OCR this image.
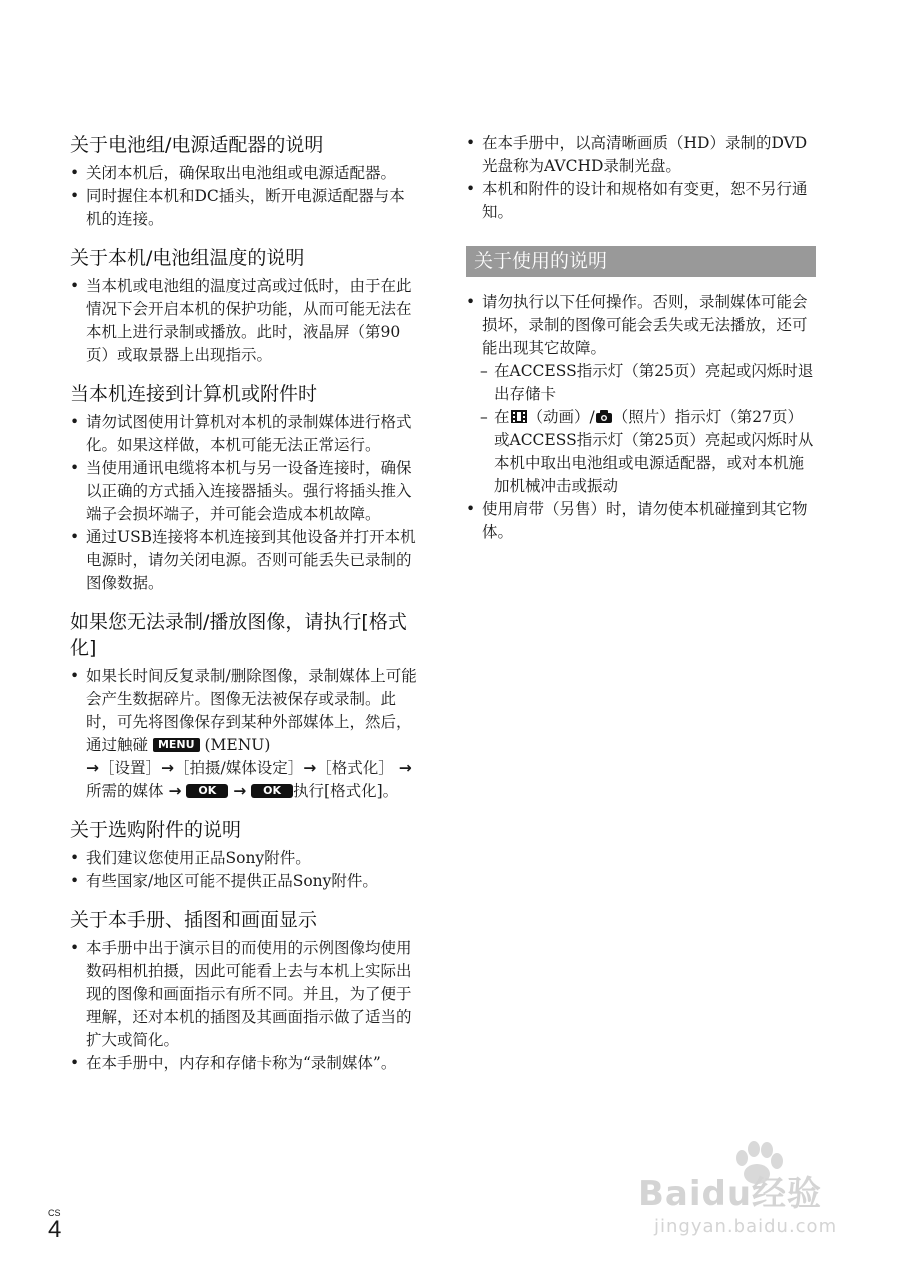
关于电池组/电源适配器的说明
• 关闭本机后，确保取出电池组或电源适配器。
• 同时握住本机和DC插头，断开电源适配器与本机的连接。
关于本机/电池组温度的说明
• 当本机或电池组的温度过高或过低时，由于在此情况下会开启本机的保护功能，从而可能无法在本机上进行录制或播放。此时，液晶屏（第90页）或取景器上出现指示。
当本机连接到计算机或附件时
• 请勿试图使用计算机对本机的录制媒体进行格式化。如果这样做，本机可能无法正常运行。
• 当使用通讯电缆将本机与另一设备连接时，确保以正确的方式插入连接器插头。强行将插头推入端子会损坏端子，并可能会造成本机故障。
• 通过USB连接将本机连接到其他设备并打开本机电源时，请勿关闭电源。否则可能丢失已录制的图像数据。
如果您无法录制/播放图像，请执行[格式化]
• 如果长时间反复录制/删除图像，录制媒体上可能会产生数据碎片。图像无法被保存或录制。此时，可先将图像保存到某种外部媒体上，然后，通过触碰 MENU (MENU)
→［设置］→［拍摄/媒体设定］→［格式化］ → 所需的媒体 → OK → OK 执行[格式化]。
关于选购附件的说明
• 我们建议您使用正品Sony附件。
• 有些国家/地区可能不提供正品Sony附件。
关于本手册、插图和画面显示
• 本手册中出于演示目的而使用的示例图像均使用数码相机拍摄，因此可能看上去与本机上实际出现的图像和画面指示有所不同。并且，为了便于理解，还对本机的插图及其画面指示做了适当的扩大或简化。
• 在本手册中，内存和存储卡称为“录制媒体”。
• 在本手册中，以高清晰画质（HD）录制的DVD光盘称为AVCHD录制光盘。
• 本机和附件的设计和规格如有变更，恕不另行通知。
关于使用的说明
• 请勿执行以下任何操作。否则，录制媒体可能会损坏，录制的图像可能会丢失或无法播放，还可能出现其它故障。
– 在ACCESS指示灯（第25页）亮起或闪烁时退出存储卡
– 在 （动画）/ （照片）指示灯（第27页）或ACCESS指示灯（第25页）亮起或闪烁时从本机中取出电池组或电源适配器，或对本机施加机械冲击或振动
• 使用肩带（另售）时，请勿使本机碰撞到其它物体。
CS
4
Baidu经验
jingyan.baidu.com
